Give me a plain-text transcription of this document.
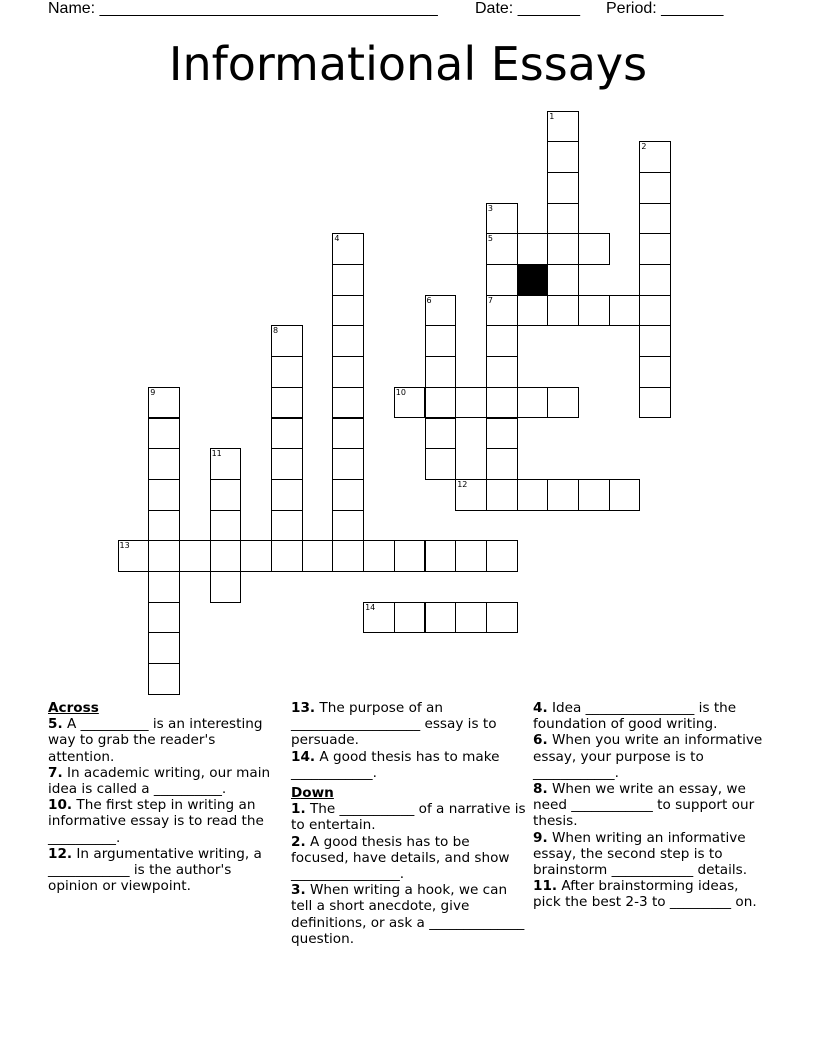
Name: ______________________________________ Date: _______ Period: _______
Informational Essays
1
2
3
5
7
4
6
8
9	10
11
12
13
14
Across
5. A __________ is an interesting way to grab the reader's attention.
7. In academic writing, our main idea is called a __________.
10. The first step in writing an informative essay is to read the __________.
12. In argumentative writing, a ____________ is the author's opinion or viewpoint.
13. The purpose of an ___________________ essay is to persuade.
14. A good thesis has to make ____________.
Down
1. The ___________ of a narrative is to entertain.
2. A good thesis has to be focused, have details, and show ________________.
3. When writing a hook, we can tell a short anecdote, give definitions, or ask a ______________ question.
4. Idea ________________ is the foundation of good writing.
6. When you write an informative essay, your purpose is to ____________.
8. When we write an essay, we need ____________ to support our thesis.
9. When writing an informative essay, the second step is to brainstorm ____________ details.
11. After brainstorming ideas, pick the best 2-3 to _________ on.
